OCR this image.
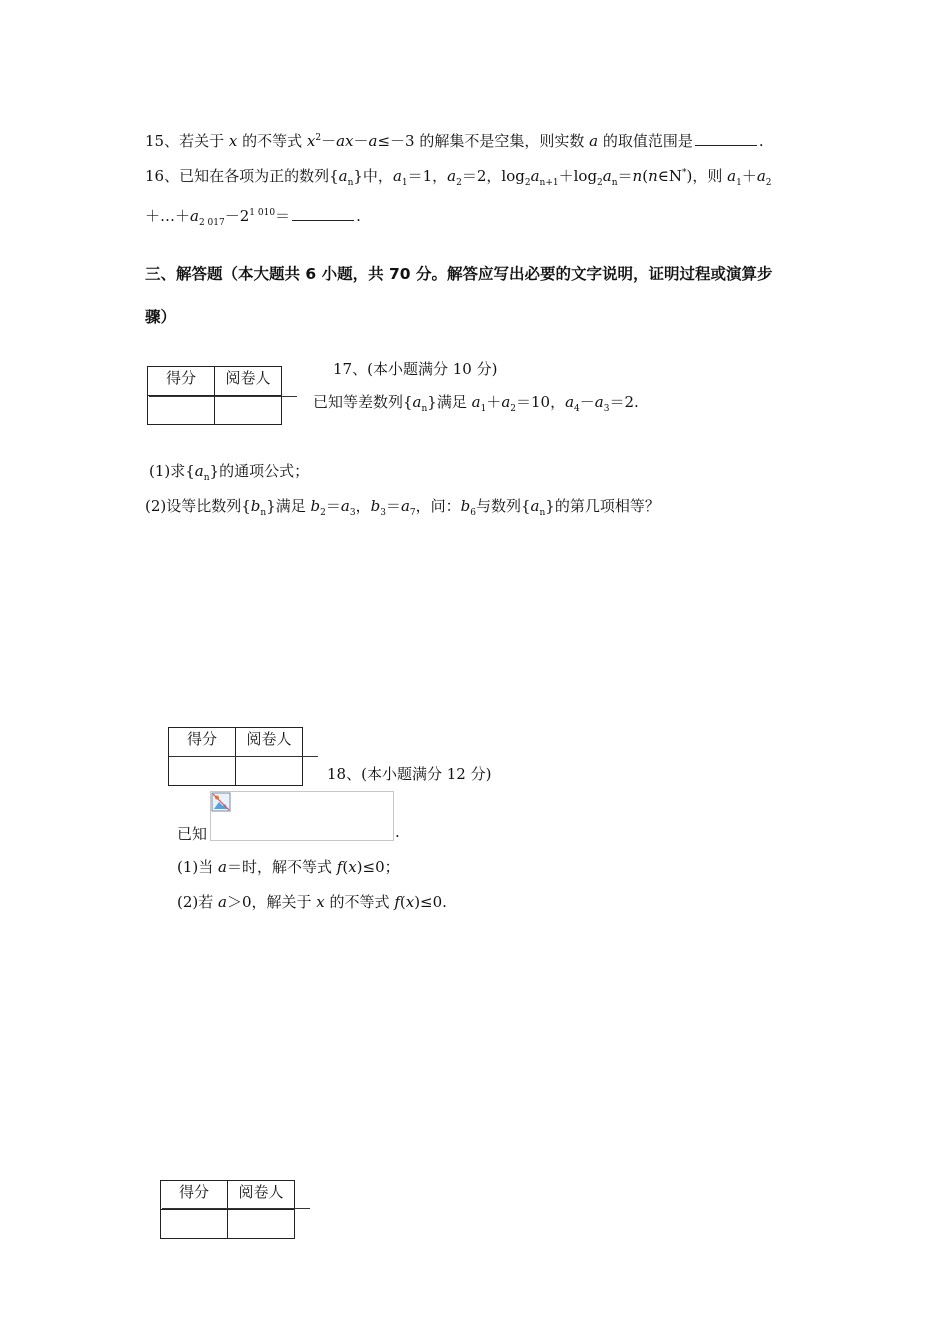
15、若关于 x 的不等式 $x^2-ax-a\le-3$ 的解集不是空集，则实数 a 的取值范围是	.
16、已知在各项为正的数列$\{a_n\}$中，$a_1=1$，$a_2=2$，$\log_2a_{n+1}+\log_2a_n=n(n\in N^*)$，则 $a_1+a_2$
$+\dots+a_{2 017}-2^{1 010}=$	.
三、解答题（本大题共 6 小题，共 70 分。解答应写出必要的文字说明，证明过程或演算步
骤）
得分	阅卷人
		17、(本小题满分 10 分)
已知等差数列$\{a_n\}$满足 $a_1+a_2=10$，$a_4-a_3=2$.
(1)求$\{a_n\}$的通项公式；
(2)设等比数列$\{b_n\}$满足 $b_2=a_3$，$b_3=a_7$，问：$b_6$与数列$\{a_n\}$的第几项相等？
得分	阅卷人

18、(本小题满分 12 分)
已知	.
(1)当 a＝时，解不等式 f(x)≤0；
(2)若 a＞0，解关于 x 的不等式 f(x)≤0.
得分	阅卷人
